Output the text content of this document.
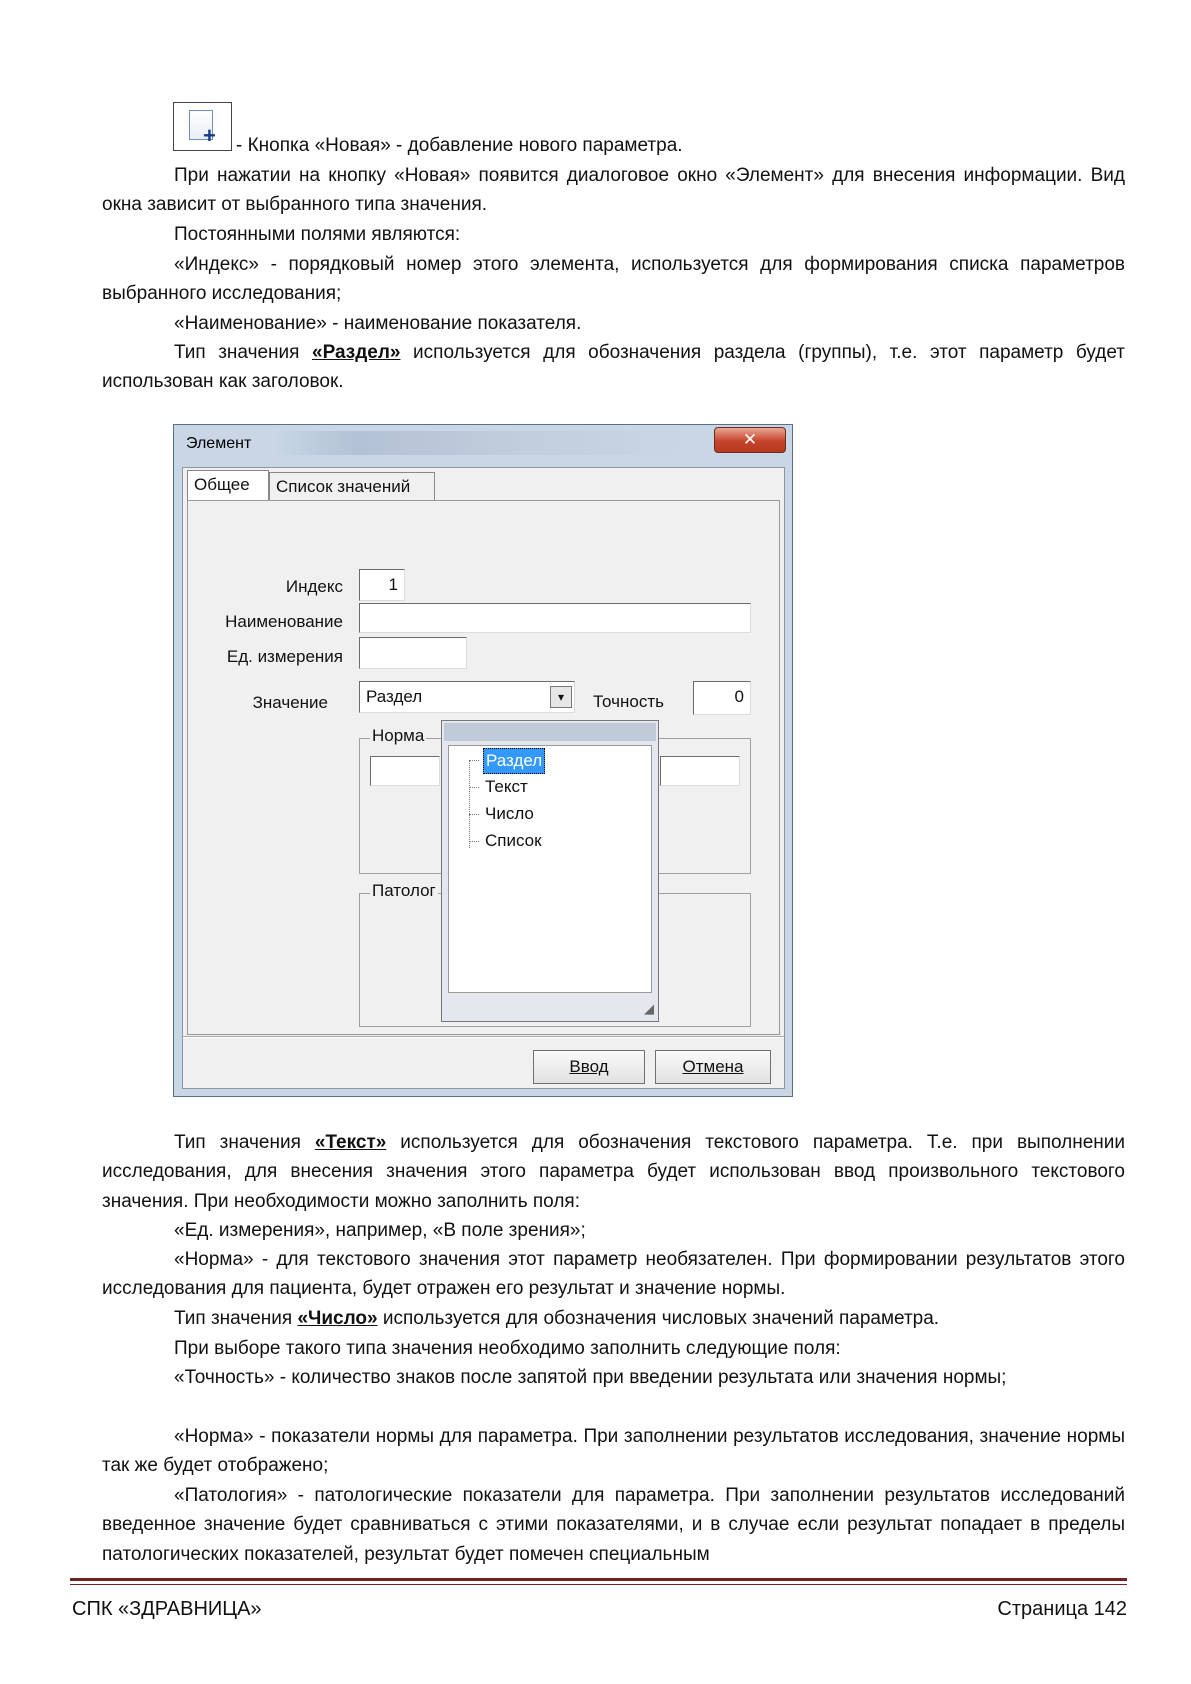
+ - Кнопка «Новая» - добавление нового параметра.

При нажатии на кнопку «Новая» появится диалоговое окно «Элемент» для внесения информации. Вид окна зависит от выбранного типа значения.

Постоянными полями являются:

«Индекс» - порядковый номер этого элемента, используется для формирования списка параметров выбранного исследования;

«Наименование» - наименование показателя.

Тип значения «Раздел» используется для обозначения раздела (группы), т.е. этот параметр будет использован как заголовок.

Элемент	✕
Общее	Список значений
Индекс	1
Наименование
Ед. измерения
Значение	Раздел	▾	Точность	0
Норма
Патолог
Раздел
Текст
Число
Список
◢
Ввод	Отмена

Тип значения «Текст» используется для обозначения текстового параметра. Т.е. при выполнении исследования, для внесения значения этого параметра будет использован ввод произвольного текстового значения. При необходимости можно заполнить поля:

«Ед. измерения», например, «В поле зрения»;

«Норма» - для текстового значения этот параметр необязателен. При формировании результатов этого исследования для пациента, будет отражен его результат и значение нормы.

Тип значения «Число» используется для обозначения числовых значений параметра.

При выборе такого типа значения необходимо заполнить следующие поля:

«Точность» - количество знаков после запятой при введении результата или значения нормы;

«Норма» - показатели нормы для параметра. При заполнении результатов исследования, значение нормы так же будет отображено;

«Патология» - патологические показатели для параметра. При заполнении результатов исследований введенное значение будет сравниваться с этими показателями, и в случае если результат попадает в пределы патологических показателей, результат будет помечен специальным

СПК «ЗДРАВНИЦА»	Страница 142
